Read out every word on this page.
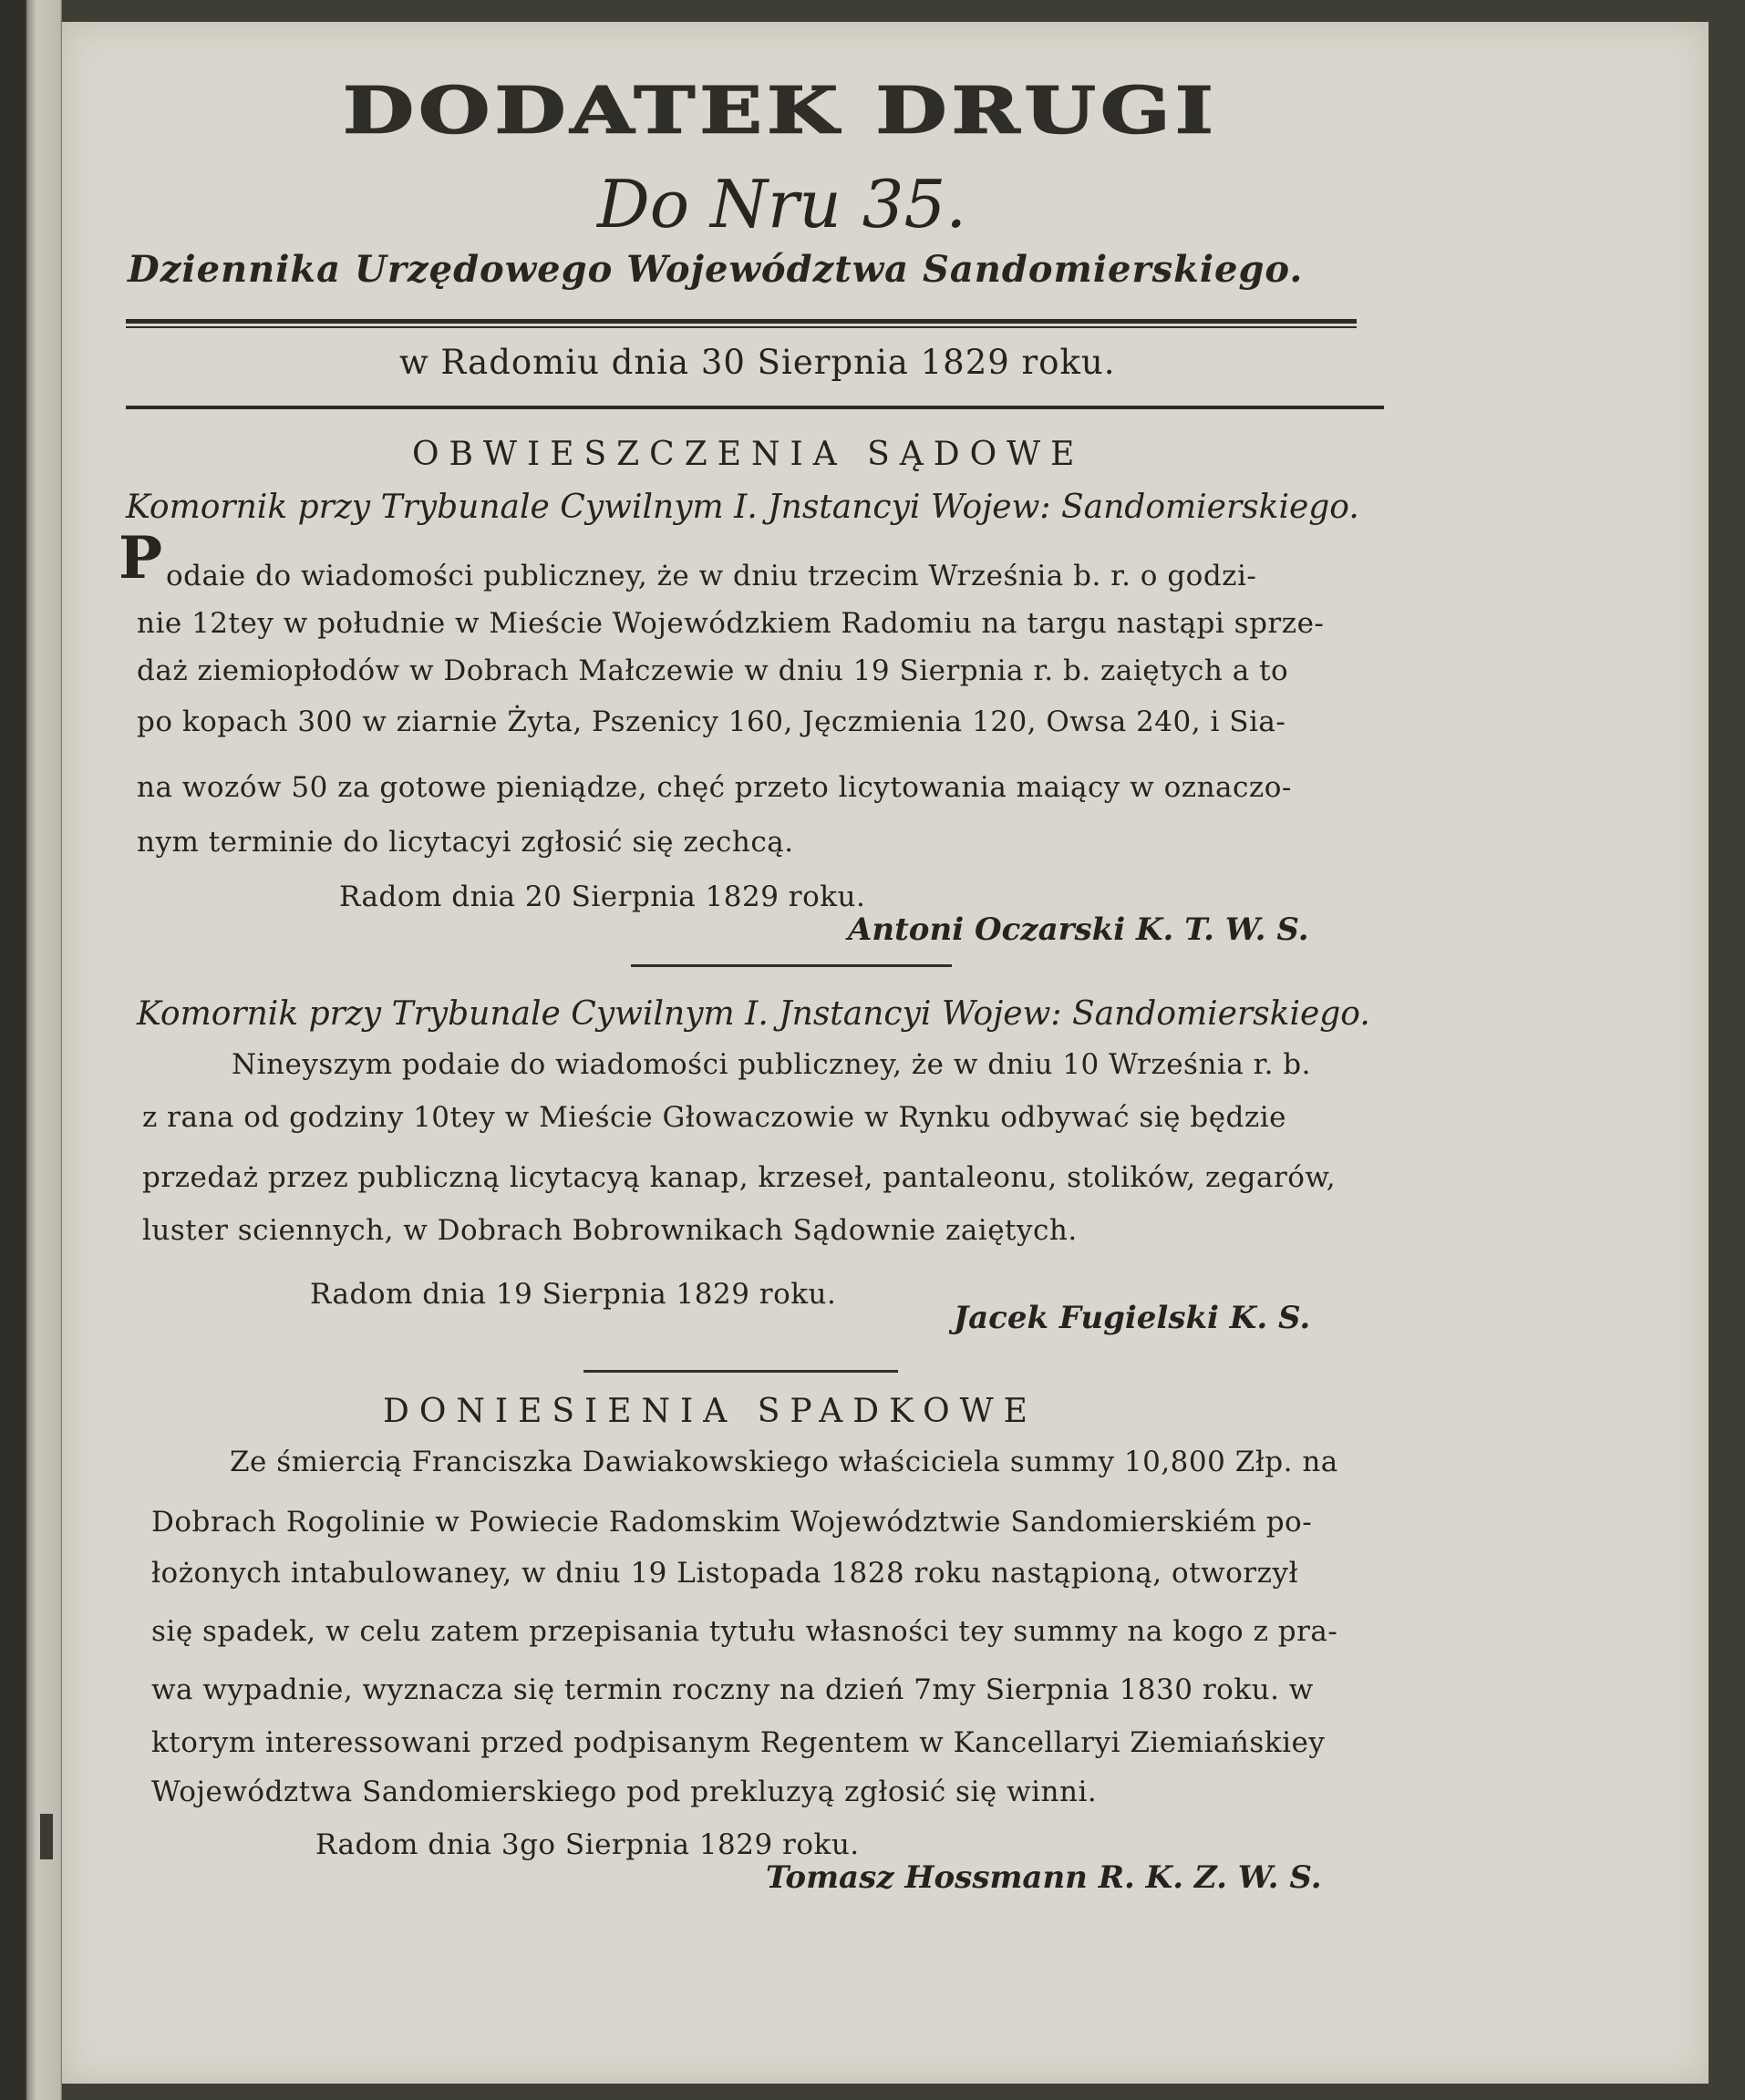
DODATEK DRUGI
Do Nru 35.
Dziennika Urzędowego Województwa Sandomierskiego.
w Radomiu dnia 30 Sierpnia 1829 roku.
OBWIESZCZENIA SĄDOWE
Komornik przy Trybunale Cywilnym I. Jnstancyi Wojew: Sandomierskiego.
P odaie do wiadomości publiczney, że w dniu trzecim Września b. r. o godzi-
nie 12tey w południe w Mieście Wojewódzkiem Radomiu na targu nastąpi sprze-
daż ziemiopłodów w Dobrach Małczewie w dniu 19 Sierpnia r. b. zaiętych a to
po kopach 300 w ziarnie Żyta, Pszenicy 160, Jęczmienia 120, Owsa 240, i Sia-
na wozów 50 za gotowe pieniądze, chęć przeto licytowania maiący w oznaczo-
nym terminie do licytacyi zgłosić się zechcą.
Radom dnia 20 Sierpnia 1829 roku.
Antoni Oczarski K. T. W. S.
Komornik przy Trybunale Cywilnym I. Jnstancyi Wojew: Sandomierskiego.
Nineyszym podaie do wiadomości publiczney, że w dniu 10 Września r. b.
z rana od godziny 10tey w Mieście Głowaczowie w Rynku odbywać się będzie
przedaż przez publiczną licytacyą kanap, krzeseł, pantaleonu, stolików, zegarów,
luster sciennych, w Dobrach Bobrownikach Sądownie zaiętych.
Radom dnia 19 Sierpnia 1829 roku.
Jacek Fugielski K. S.
DONIESIENIA SPADKOWE
Ze śmiercią Franciszka Dawiakowskiego właściciela summy 10,800 Złp. na
Dobrach Rogolinie w Powiecie Radomskim Województwie Sandomierskiém po-
łożonych intabulowaney, w dniu 19 Listopada 1828 roku nastąpioną, otworzył
się spadek, w celu zatem przepisania tytułu własności tey summy na kogo z pra-
wa wypadnie, wyznacza się termin roczny na dzień 7my Sierpnia 1830 roku. w
ktorym interessowani przed podpisanym Regentem w Kancellaryi Ziemiańskiey
Województwa Sandomierskiego pod prekluzyą zgłosić się winni.
Radom dnia 3go Sierpnia 1829 roku.
Tomasz Hossmann R. K. Z. W. S.
